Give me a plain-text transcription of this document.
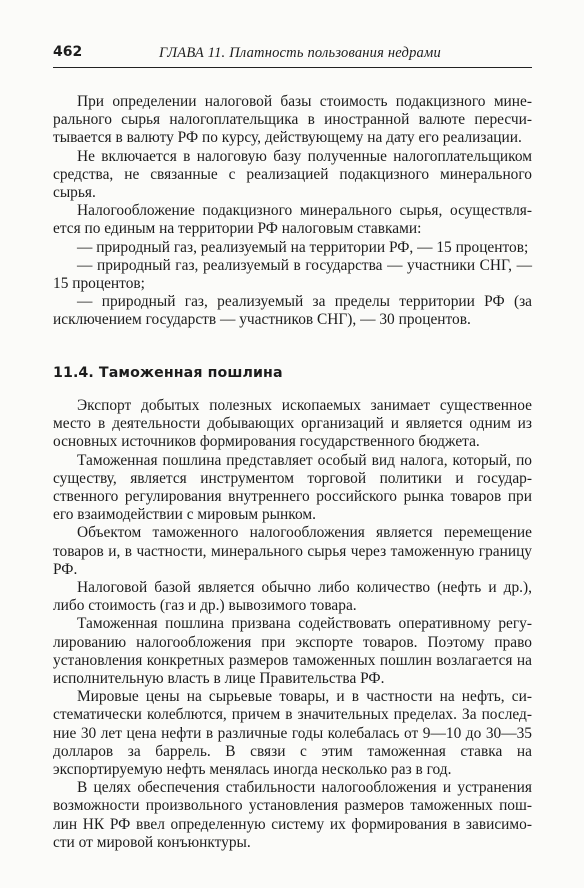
462	ГЛАВА 11. Платность пользования недрами

При определении налоговой базы стоимость подакцизного минерального сырья налогоплательщика в иностранной валюте пересчитывается в валюту РФ по курсу, действующему на дату его реализации.

Не включается в налоговую базу полученные налогоплательщиком средства, не связанные с реализацией подакцизного минерального сырья.

Налогообложение подакцизного минерального сырья, осуществляется по единым на территории РФ налоговым ставками:

— природный газ, реализуемый на территории РФ, — 15 процентов;

— природный газ, реализуемый в государства — участники СНГ, — 15 процентов;

— природный газ, реализуемый за пределы территории РФ (за исключением государств — участников СНГ), — 30 процентов.

11.4. Таможенная пошлина

Экспорт добытых полезных ископаемых занимает существенное место в деятельности добывающих организаций и является одним из основных источников формирования государственного бюджета.

Таможенная пошлина представляет особый вид налога, который, по существу, является инструментом торговой политики и государственного регулирования внутреннего российского рынка товаров при его взаимодействии с мировым рынком.

Объектом таможенного налогообложения является перемещение товаров и, в частности, минерального сырья через таможенную границу РФ.

Налоговой базой является обычно либо количество (нефть и др.), либо стоимость (газ и др.) вывозимого товара.

Таможенная пошлина призвана содействовать оперативному регулированию налогообложения при экспорте товаров. Поэтому право установления конкретных размеров таможенных пошлин возлагается на исполнительную власть в лице Правительства РФ.

Мировые цены на сырьевые товары, и в частности на нефть, систематически колеблются, причем в значительных пределах. За последние 30 лет цена нефти в различные годы колебалась от 9—10 до 30—35 долларов за баррель. В связи с этим таможенная ставка на экспортируемую нефть менялась иногда несколько раз в год.

В целях обеспечения стабильности налогообложения и устранения возможности произвольного установления размеров таможенных пошлин НК РФ ввел определенную систему их формирования в зависимости от мировой конъюнктуры.
